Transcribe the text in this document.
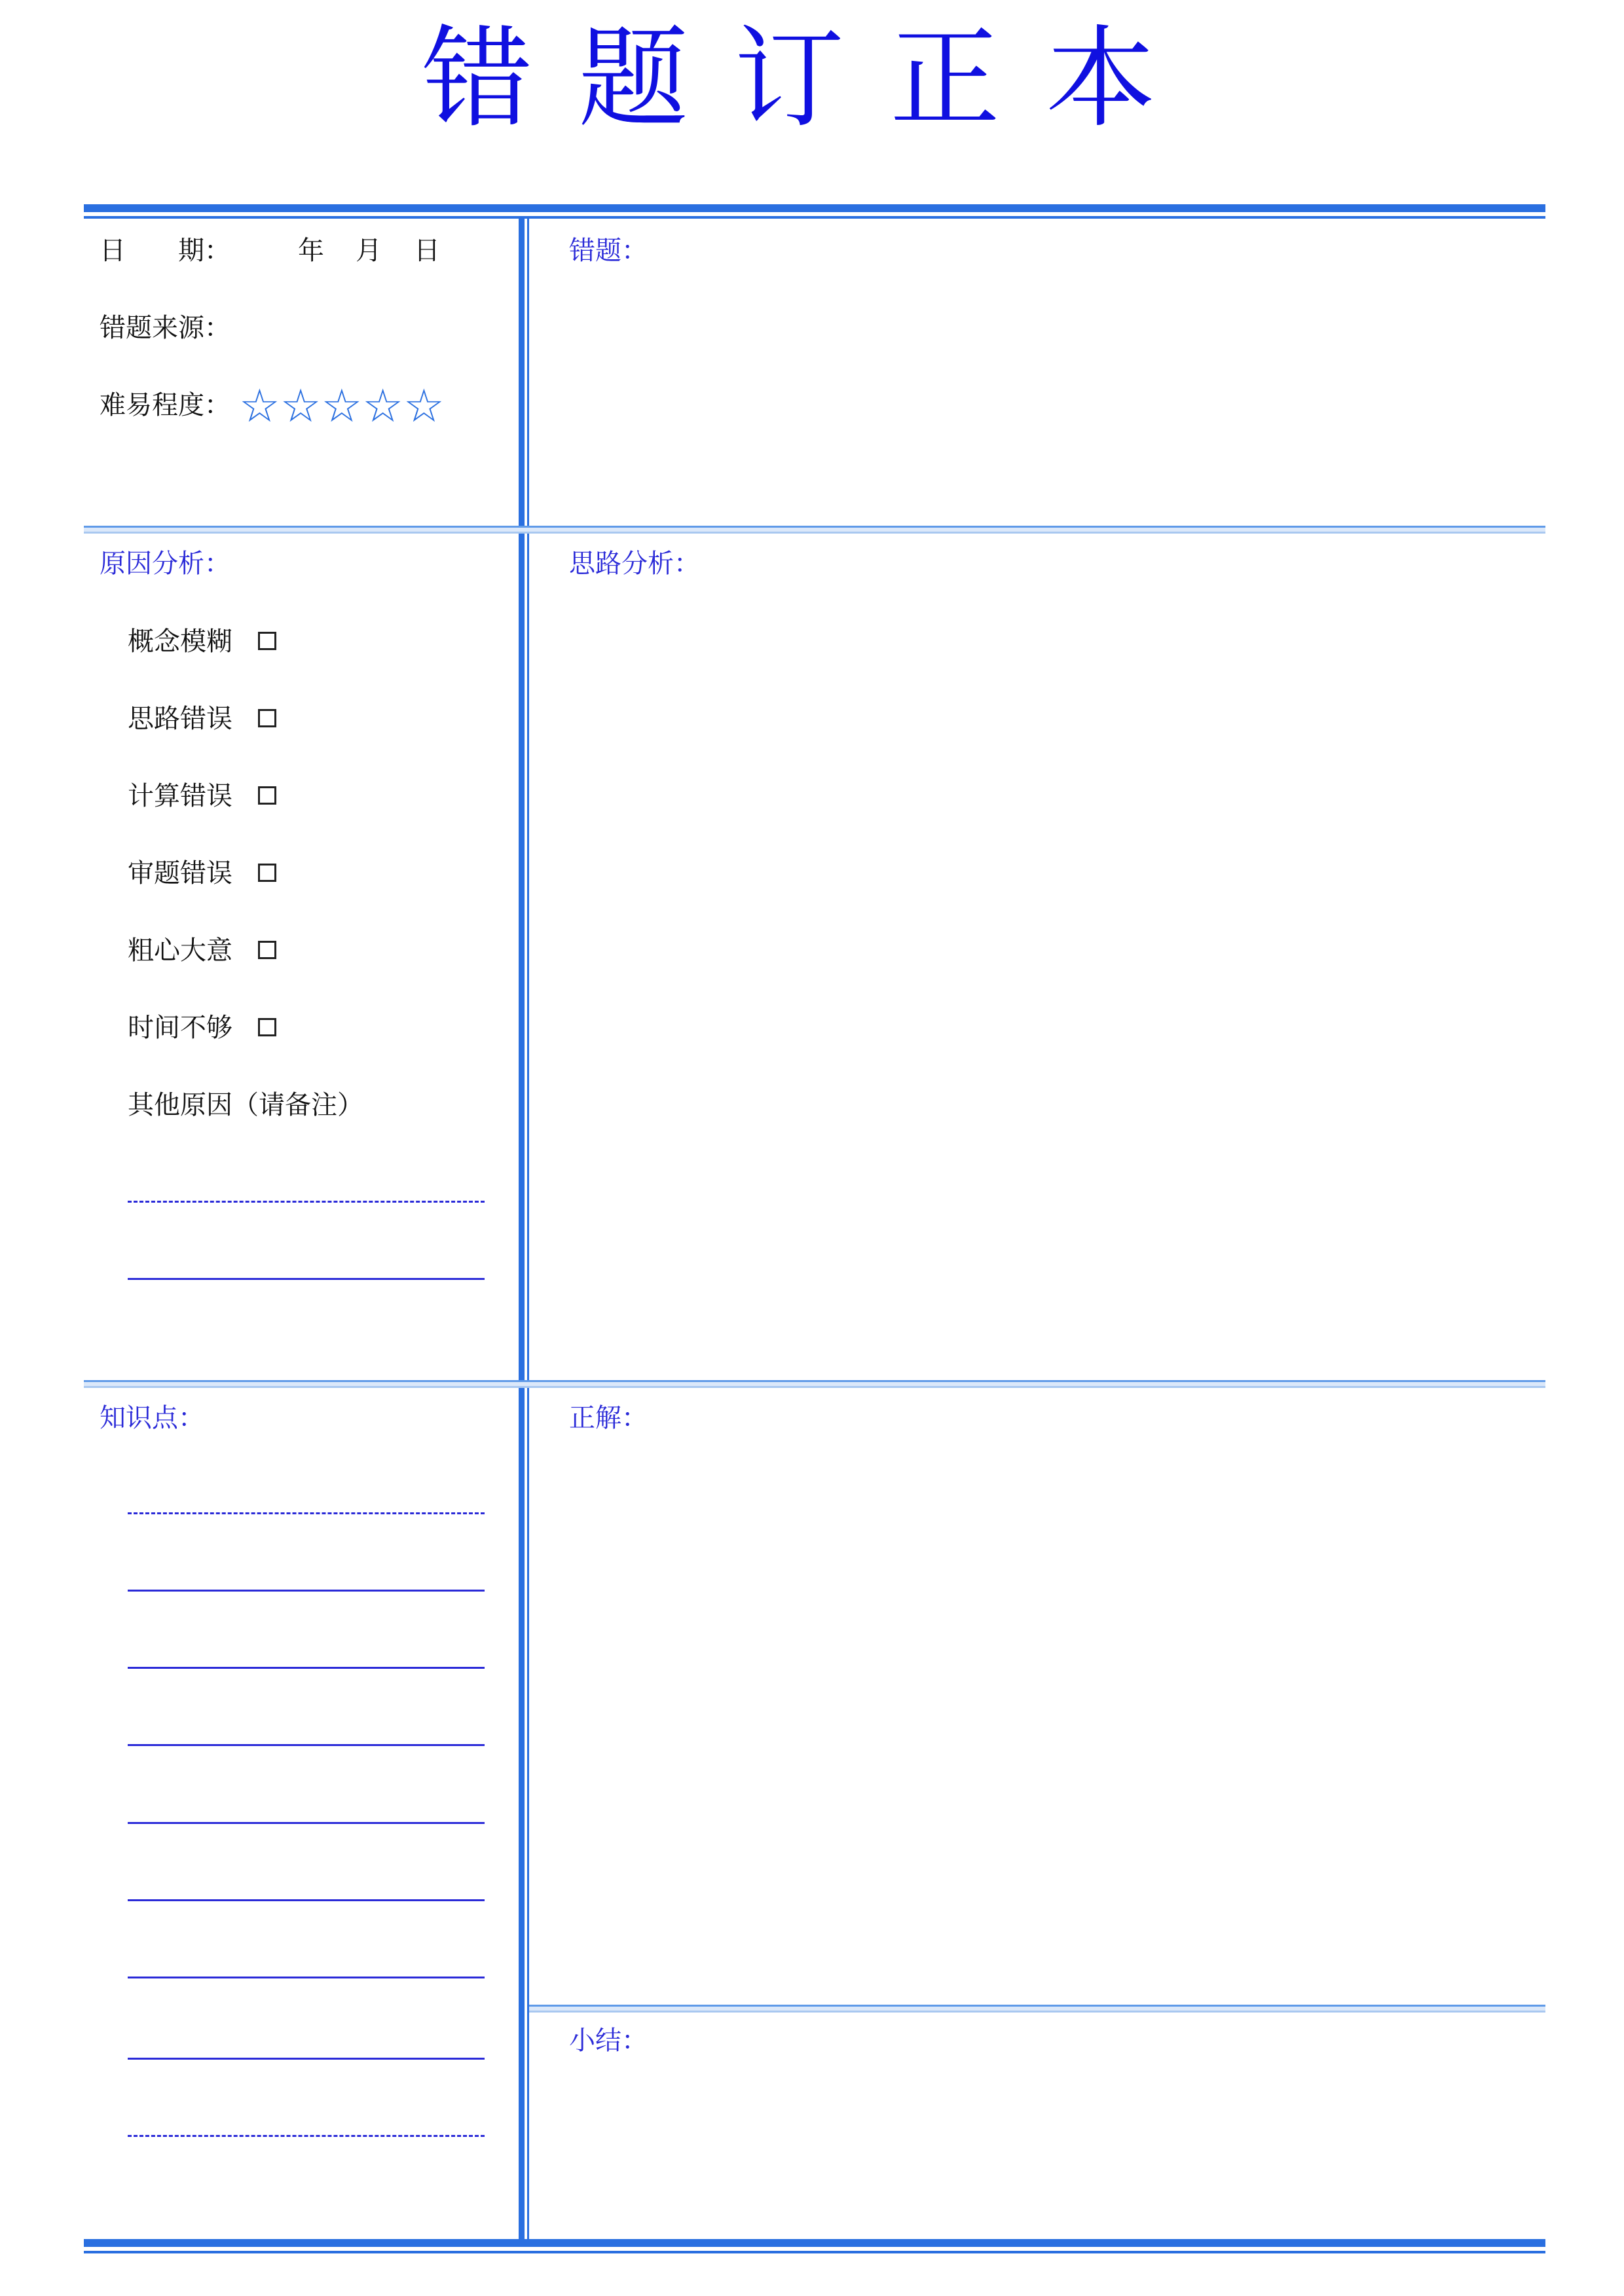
错题订正本
日　　期：	年 月 日
错题来源：
难易程度： ☆☆☆☆☆
原因分析：
概念模糊
思路错误
计算错误
审题错误
粗心大意
时间不够
其他原因（请备注）
知识点：
错题：
思路分析：
正解：
小结：
